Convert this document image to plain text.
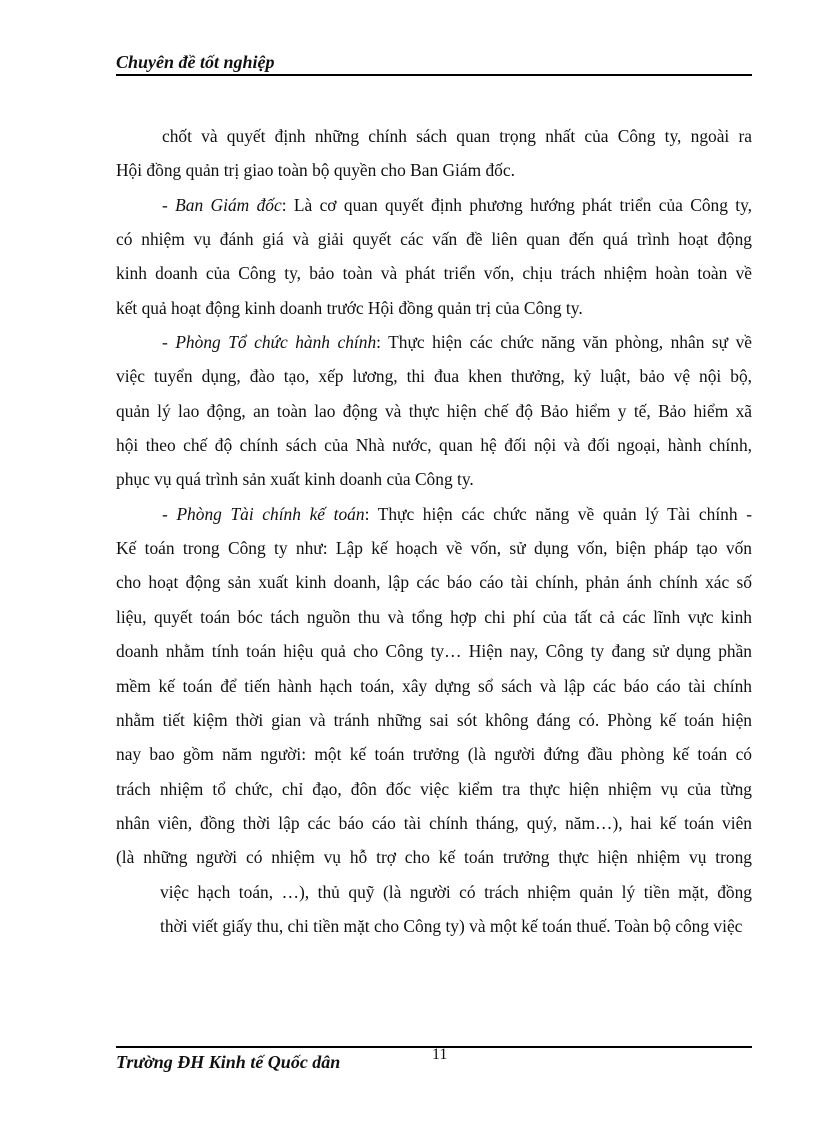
Chuyên đề tốt nghiệp
chốt và quyết định những chính sách quan trọng nhất của Công ty, ngoài ra
Hội đồng quản trị giao toàn bộ quyền cho Ban Giám đốc.
- Ban Giám đốc: Là cơ quan quyết định phương hướng phát triển của Công ty,
có nhiệm vụ đánh giá và giải quyết các vấn đề liên quan đến quá trình hoạt động
kinh doanh của Công ty, bảo toàn và phát triển vốn, chịu trách nhiệm hoàn toàn về
kết quả hoạt động kinh doanh trước Hội đồng quản trị của Công ty.
- Phòng Tổ chức hành chính: Thực hiện các chức năng văn phòng, nhân sự về
việc tuyển dụng, đào tạo, xếp lương, thi đua khen thưởng, kỷ luật, bảo vệ nội bộ,
quản lý lao động, an toàn lao động và thực hiện chế độ Bảo hiểm y tế, Bảo hiểm xã
hội theo chế độ chính sách của Nhà nước, quan hệ đối nội và đối ngoại, hành chính,
phục vụ quá trình sản xuất kinh doanh của Công ty.
- Phòng Tài chính kế toán: Thực hiện các chức năng về quản lý Tài chính -
Kế toán trong Công ty như: Lập kế hoạch về vốn, sử dụng vốn, biện pháp tạo vốn
cho hoạt động sản xuất kinh doanh, lập các báo cáo tài chính, phản ánh chính xác số
liệu, quyết toán bóc tách nguồn thu và tổng hợp chi phí của tất cả các lĩnh vực kinh
doanh nhằm tính toán hiệu quả cho Công ty… Hiện nay, Công ty đang sử dụng phần
mềm kế toán để tiến hành hạch toán, xây dựng sổ sách và lập các báo cáo tài chính
nhằm tiết kiệm thời gian và tránh những sai sót không đáng có. Phòng kế toán hiện
nay bao gồm năm người: một kế toán trưởng (là người đứng đầu phòng kế toán có
trách nhiệm tổ chức, chỉ đạo, đôn đốc việc kiểm tra thực hiện nhiệm vụ của từng
nhân viên, đồng thời lập các báo cáo tài chính tháng, quý, năm…), hai kế toán viên
(là những người có nhiệm vụ hỗ trợ cho kế toán trưởng thực hiện nhiệm vụ trong
việc hạch toán, …), thủ quỹ (là người có trách nhiệm quản lý tiền mặt, đồng
thời viết giấy thu, chi tiền mặt cho Công ty) và một kế toán thuế. Toàn bộ công việc
Trường ĐH Kinh tế Quốc dân	11
